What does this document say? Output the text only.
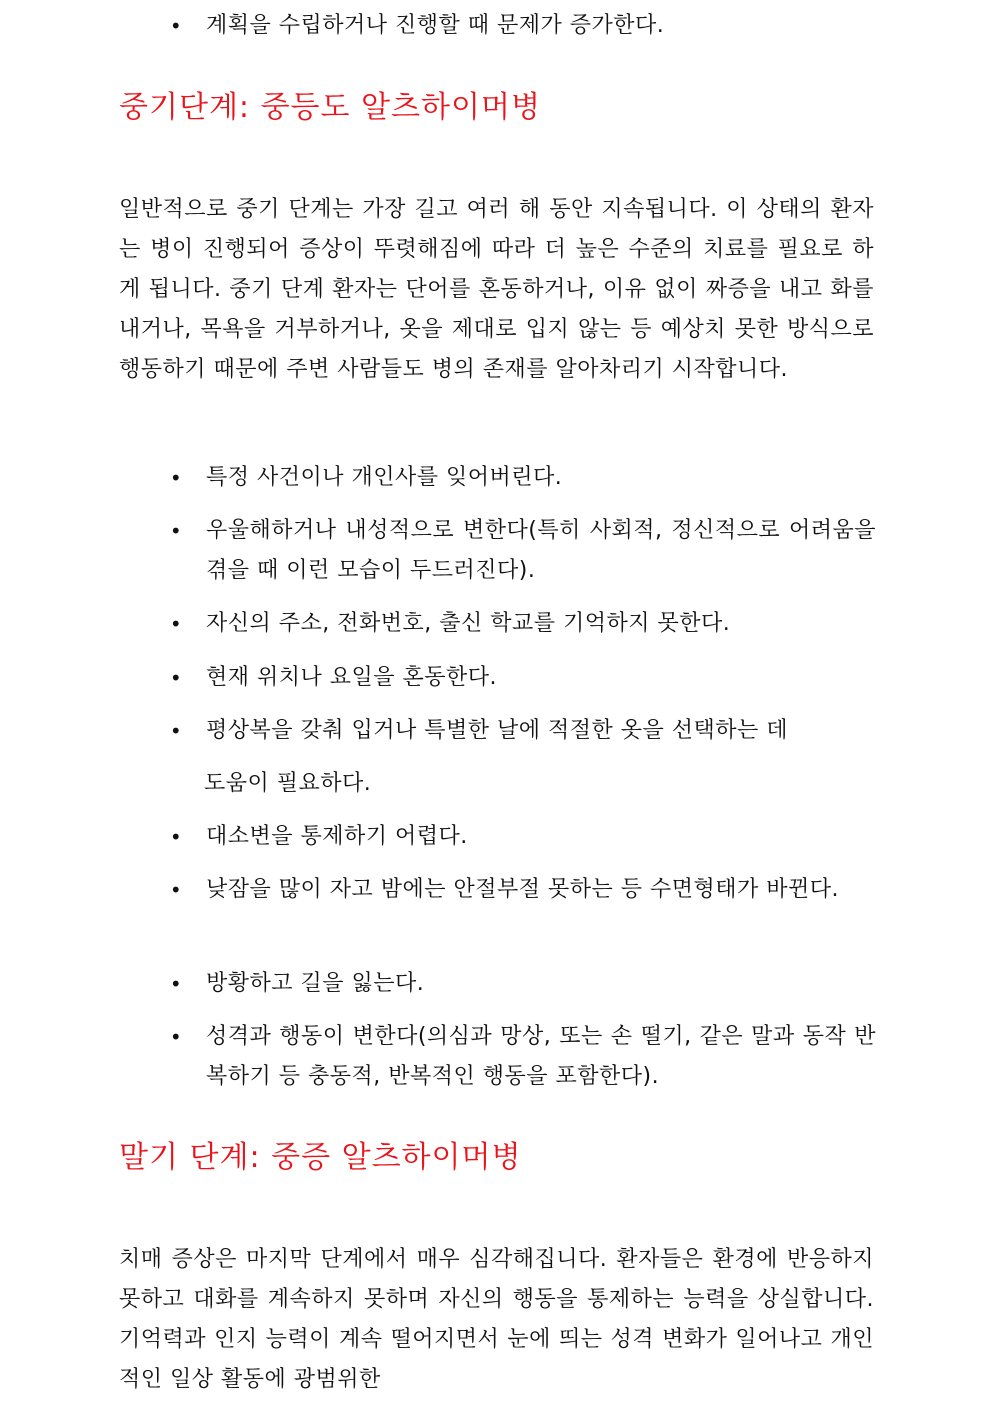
• 계획을 수립하거나 진행할 때 문제가 증가한다.
중기단계: 중등도 알츠하이머병
일반적으로 중기 단계는 가장 길고 여러 해 동안 지속됩니다. 이 상태의 환자는 병이 진행되어 증상이 뚜렷해짐에 따라 더 높은 수준의 치료를 필요로 하게 됩니다. 중기 단계 환자는 단어를 혼동하거나, 이유 없이 짜증을 내고 화를 내거나, 목욕을 거부하거나, 옷을 제대로 입지 않는 등 예상치 못한 방식으로 행동하기 때문에 주변 사람들도 병의 존재를 알아차리기 시작합니다.
• 특정 사건이나 개인사를 잊어버린다.
• 우울해하거나 내성적으로 변한다(특히 사회적, 정신적으로 어려움을 겪을 때 이런 모습이 두드러진다).
• 자신의 주소, 전화번호, 출신 학교를 기억하지 못한다.
• 현재 위치나 요일을 혼동한다.
• 평상복을 갖춰 입거나 특별한 날에 적절한 옷을 선택하는 데
도움이 필요하다.
• 대소변을 통제하기 어렵다.
• 낮잠을 많이 자고 밤에는 안절부절 못하는 등 수면형태가 바뀐다.
• 방황하고 길을 잃는다.
• 성격과 행동이 변한다(의심과 망상, 또는 손 떨기, 같은 말과 동작 반복하기 등 충동적, 반복적인 행동을 포함한다).
말기 단계: 중증 알츠하이머병
치매 증상은 마지막 단계에서 매우 심각해집니다. 환자들은 환경에 반응하지 못하고 대화를 계속하지 못하며 자신의 행동을 통제하는 능력을 상실합니다. 기억력과 인지 능력이 계속 떨어지면서 눈에 띄는 성격 변화가 일어나고 개인적인 일상 활동에 광범위한
